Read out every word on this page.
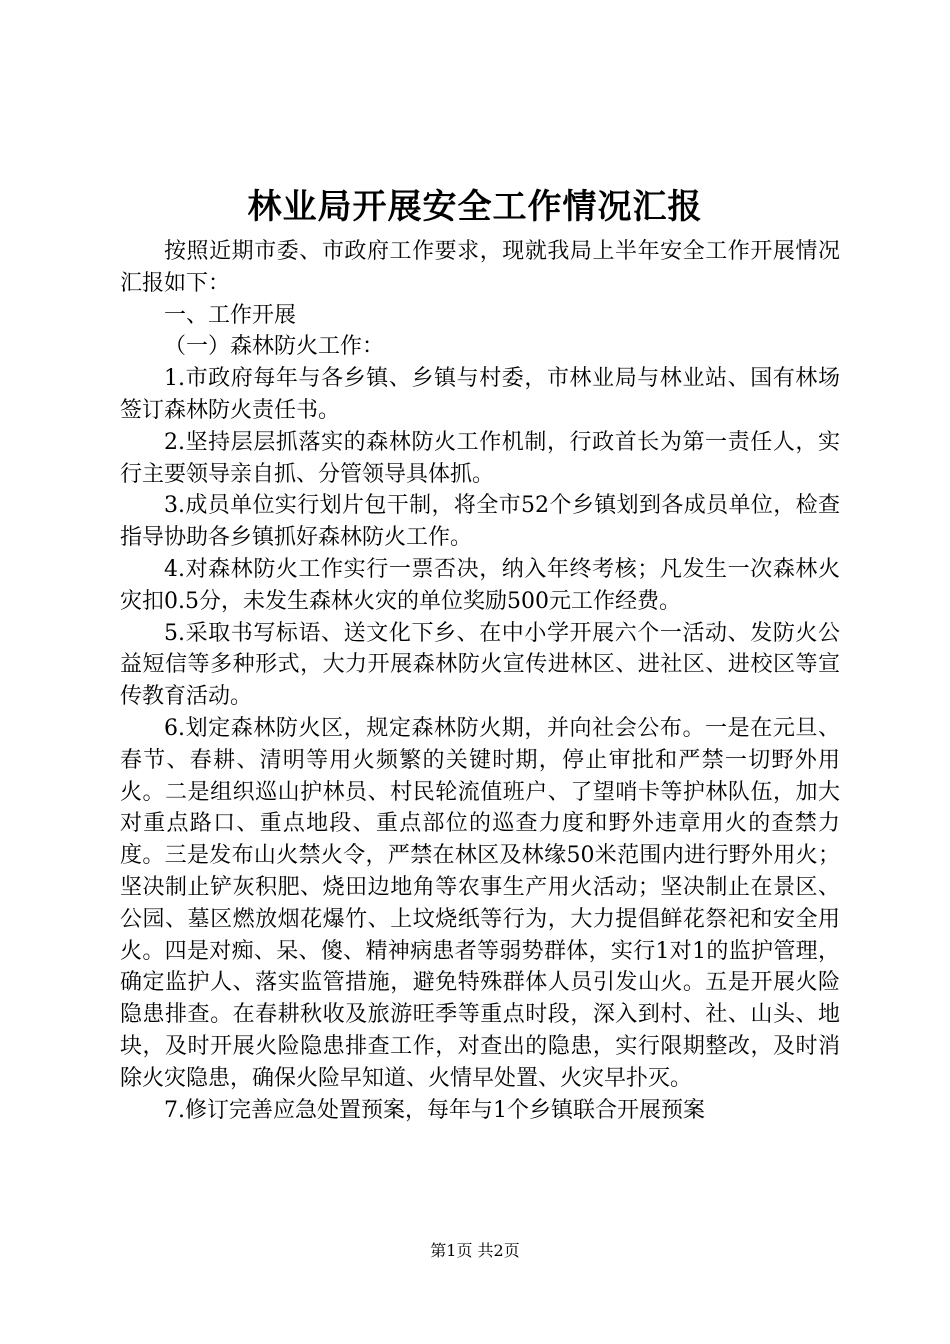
林业局开展安全工作情况汇报

按照近期市委、市政府工作要求，现就我局上半年安全工作开展情况汇报如下：

一、工作开展

（一）森林防火工作：

1.市政府每年与各乡镇、乡镇与村委，市林业局与林业站、国有林场签订森林防火责任书。

2.坚持层层抓落实的森林防火工作机制，行政首长为第一责任人，实行主要领导亲自抓、分管领导具体抓。

3.成员单位实行划片包干制，将全市52个乡镇划到各成员单位，检查指导协助各乡镇抓好森林防火工作。

4.对森林防火工作实行一票否决，纳入年终考核；凡发生一次森林火灾扣0.5分，未发生森林火灾的单位奖励500元工作经费。

5.采取书写标语、送文化下乡、在中小学开展六个一活动、发防火公益短信等多种形式，大力开展森林防火宣传进林区、进社区、进校区等宣传教育活动。

6.划定森林防火区，规定森林防火期，并向社会公布。一是在元旦、春节、春耕、清明等用火频繁的关键时期，停止审批和严禁一切野外用火。二是组织巡山护林员、村民轮流值班户、了望哨卡等护林队伍，加大对重点路口、重点地段、重点部位的巡查力度和野外违章用火的查禁力度。三是发布山火禁火令，严禁在林区及林缘50米范围内进行野外用火；坚决制止铲灰积肥、烧田边地角等农事生产用火活动；坚决制止在景区、公园、墓区燃放烟花爆竹、上坟烧纸等行为，大力提倡鲜花祭祀和安全用火。四是对痴、呆、傻、精神病患者等弱势群体，实行1对1的监护管理，确定监护人、落实监管措施，避免特殊群体人员引发山火。五是开展火险隐患排查。在春耕秋收及旅游旺季等重点时段，深入到村、社、山头、地块，及时开展火险隐患排查工作，对查出的隐患，实行限期整改，及时消除火灾隐患，确保火险早知道、火情早处置、火灾早扑灭。

7.修订完善应急处置预案，每年与1个乡镇联合开展预案

第1页 共2页
